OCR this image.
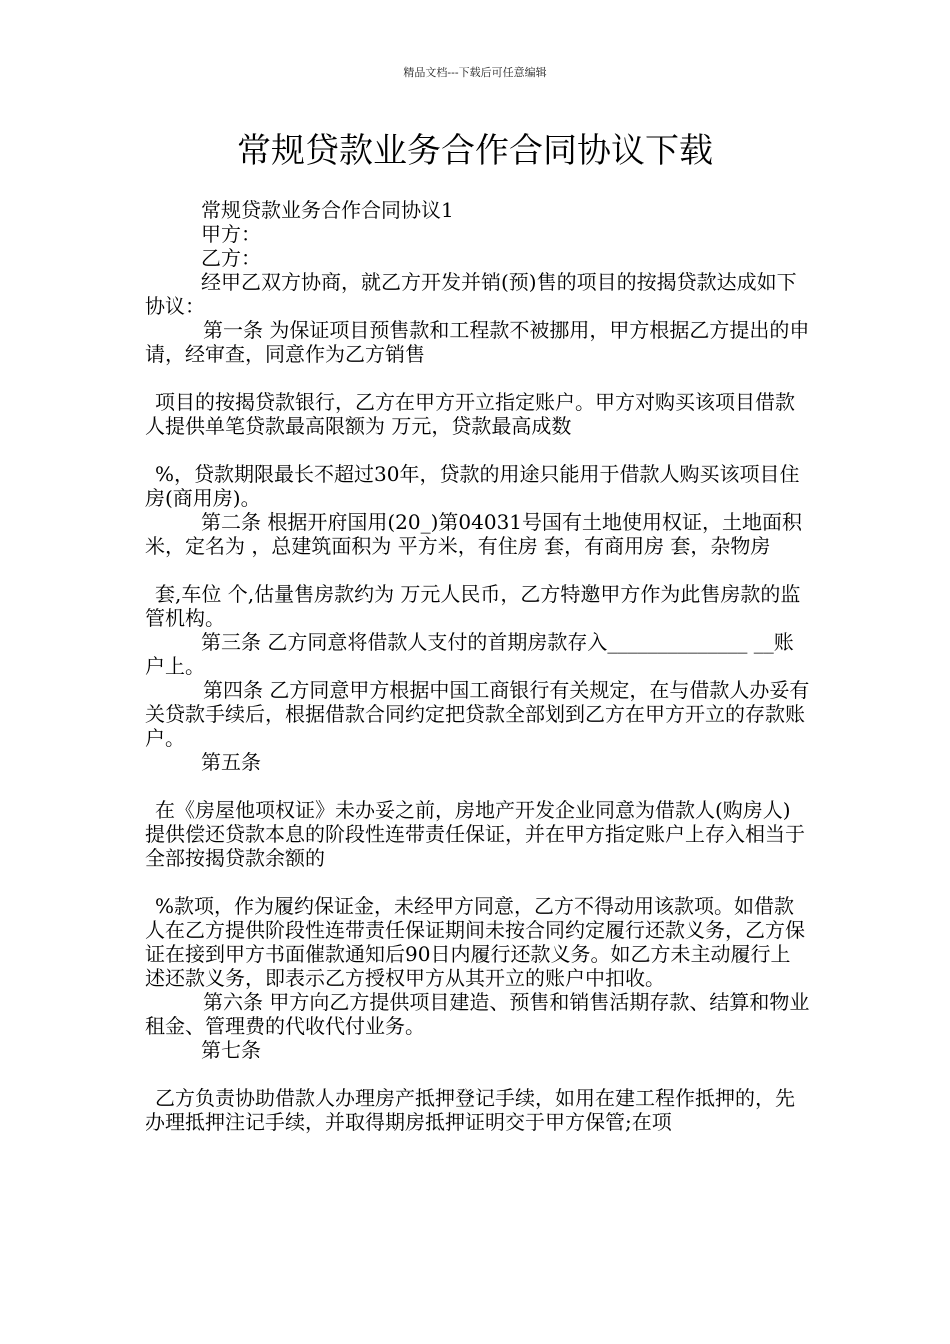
精品文档---下载后可任意编辑
常规贷款业务合作合同协议下载

常规贷款业务合作合同协议1

甲方：

乙方：

经甲乙双方协商，就乙方开发并销(预)售的项目的按揭贷款达成如下协议：

第一条 为保证项目预售款和工程款不被挪用，甲方根据乙方提出的申请，经审查，同意作为乙方销售

项目的按揭贷款银行，乙方在甲方开立指定账户。甲方对购买该项目借款人提供单笔贷款最高限额为 万元，贷款最高成数

%，贷款期限最长不超过30年，贷款的用途只能用于借款人购买该项目住房(商用房)。

第二条 根据开府国用(20_)第04031号国有土地使用权证，土地面积 米，定名为 ，总建筑面积为 平方米，有住房 套，有商用房 套，杂物房

套,车位 个,估量售房款约为 万元人民币，乙方特邀甲方作为此售房款的监管机构。

第三条 乙方同意将借款人支付的首期房款存入______________ __账户上。

第四条 乙方同意甲方根据中国工商银行有关规定，在与借款人办妥有关贷款手续后，根据借款合同约定把贷款全部划到乙方在甲方开立的存款账户。

第五条

在《房屋他项权证》未办妥之前，房地产开发企业同意为借款人(购房人)提供偿还贷款本息的阶段性连带责任保证，并在甲方指定账户上存入相当于全部按揭贷款余额的

%款项，作为履约保证金，未经甲方同意，乙方不得动用该款项。如借款人在乙方提供阶段性连带责任保证期间未按合同约定履行还款义务，乙方保证在接到甲方书面催款通知后90日内履行还款义务。如乙方未主动履行上述还款义务，即表示乙方授权甲方从其开立的账户中扣收。

第六条 甲方向乙方提供项目建造、预售和销售活期存款、结算和物业租金、管理费的代收代付业务。

第七条

乙方负责协助借款人办理房产抵押登记手续，如用在建工程作抵押的，先办理抵押注记手续，并取得期房抵押证明交于甲方保管;在项
